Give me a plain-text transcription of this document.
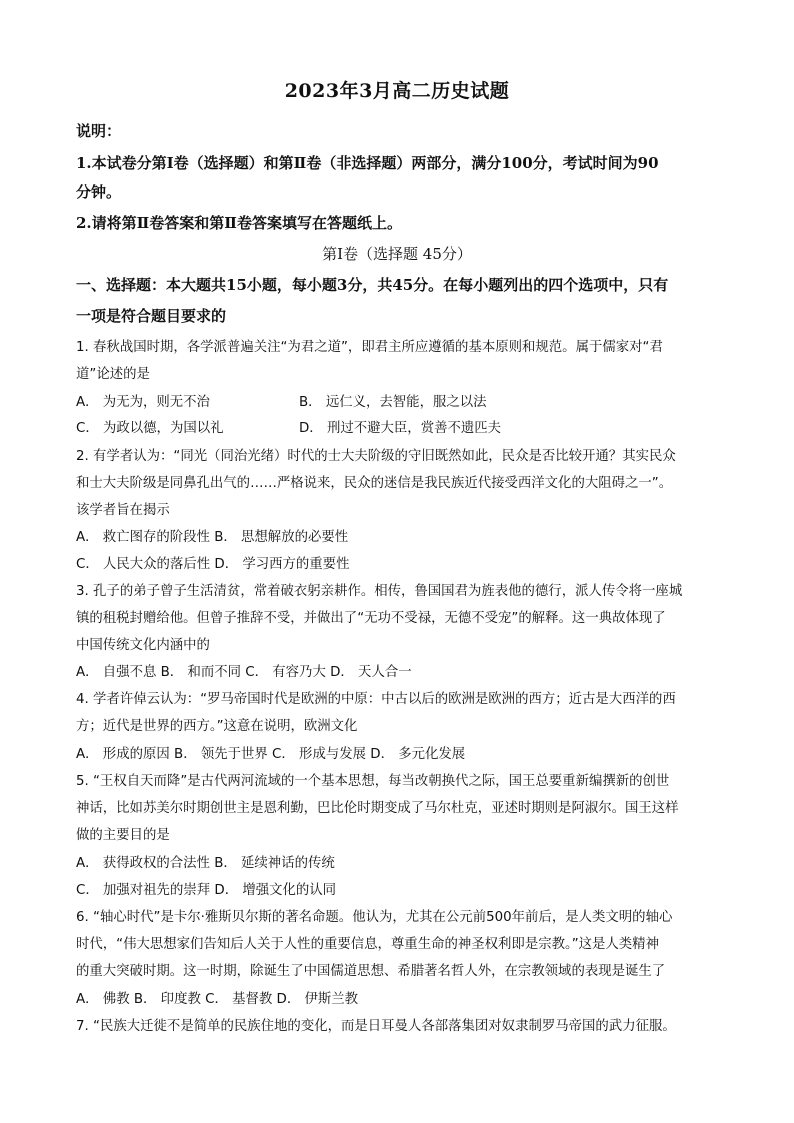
2023年3月高二历史试题
说明：
1.本试卷分第Ⅰ卷（选择题）和第Ⅱ卷（非选择题）两部分，满分100分，考试时间为90
分钟。
2.请将第Ⅱ卷答案和第Ⅱ卷答案填写在答题纸上。
第Ⅰ卷（选择题 45分）
一、选择题：本大题共15小题，每小题3分，共45分。在每小题列出的四个选项中，只有
一项是符合题目要求的
1. 春秋战国时期，各学派普遍关注“为君之道”，即君主所应遵循的基本原则和规范。属于儒家对“君
道”论述的是
A． 为无为，则无不治	B． 远仁义，去智能，服之以法
C． 为政以德，为国以礼	D． 刑过不避大臣，赏善不遗匹夫
2. 有学者认为：“同光（同治光绪）时代的士大夫阶级的守旧既然如此，民众是否比较开通？其实民众
和士大夫阶级是同鼻孔出气的……严格说来，民众的迷信是我民族近代接受西洋文化的大阻碍之一”。
该学者旨在揭示
A． 救亡图存的阶段性 B． 思想解放的必要性
C． 人民大众的落后性 D． 学习西方的重要性
3. 孔子的弟子曾子生活清贫，常着破衣躬亲耕作。相传，鲁国国君为旌表他的德行，派人传令将一座城
镇的租税封赠给他。但曾子推辞不受，并做出了“无功不受禄，无德不受宠”的解释。这一典故体现了
中国传统文化内涵中的
A． 自强不息 B． 和而不同 C． 有容乃大 D． 天人合一
4. 学者许倬云认为：“罗马帝国时代是欧洲的中原：中古以后的欧洲是欧洲的西方；近古是大西洋的西
方；近代是世界的西方。”这意在说明，欧洲文化
A． 形成的原因 B． 领先于世界 C． 形成与发展 D． 多元化发展
5. “王权自天而降”是古代两河流域的一个基本思想，每当改朝换代之际，国王总要重新编撰新的创世
神话，比如苏美尔时期创世主是恩利勤，巴比伦时期变成了马尔杜克，亚述时期则是阿淑尔。国王这样
做的主要目的是
A． 获得政权的合法性 B． 延续神话的传统
C． 加强对祖先的崇拜 D． 增强文化的认同
6. “轴心时代”是卡尔·雅斯贝尔斯的著名命题。他认为，尤其在公元前500年前后，是人类文明的轴心
时代，“伟大思想家们告知后人关于人性的重要信息，尊重生命的神圣权利即是宗教。”这是人类精神
的重大突破时期。这一时期，除诞生了中国儒道思想、希腊著名哲人外，在宗教领域的表现是诞生了
A． 佛教 B． 印度教 C． 基督教 D． 伊斯兰教
7. “民族大迁徙不是简单的民族住地的变化，而是日耳曼人各部落集团对奴隶制罗马帝国的武力征服。
